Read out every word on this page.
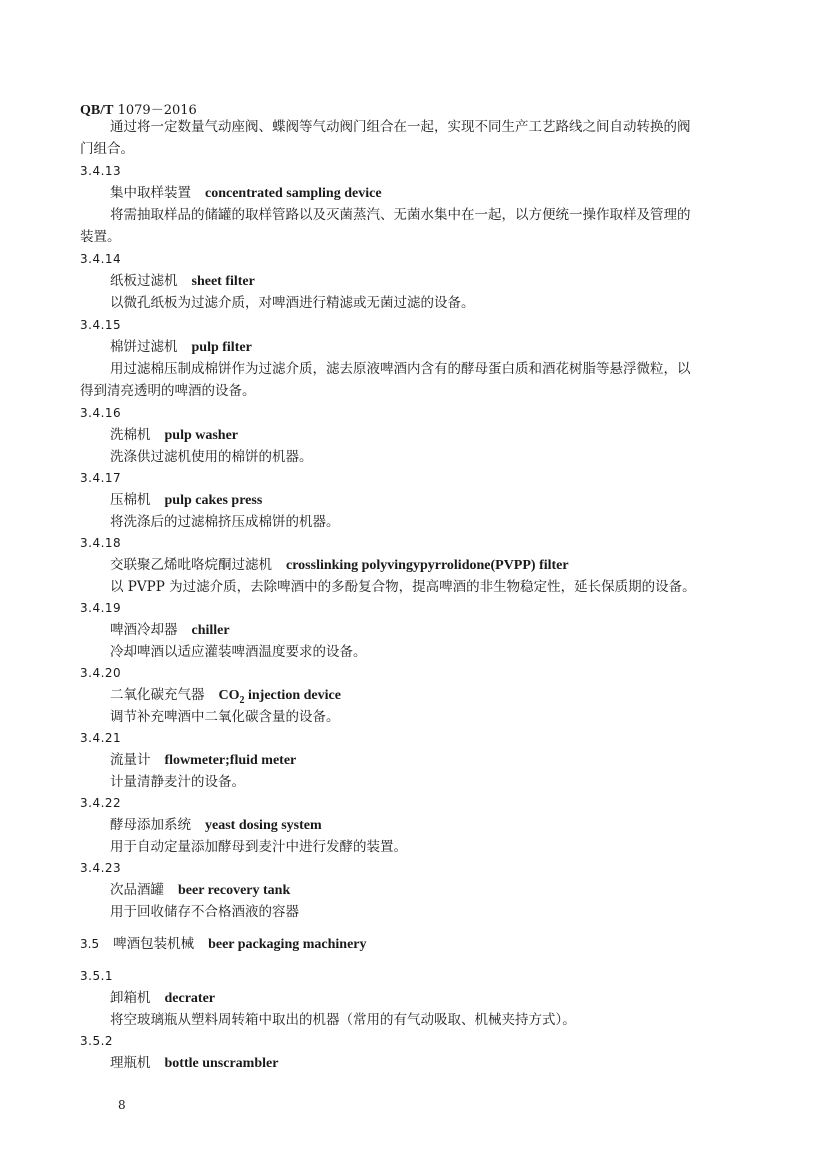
QB/T 1079－2016
通过将一定数量气动座阀、蝶阀等气动阀门组合在一起，实现不同生产工艺路线之间自动转换的阀
门组合。
3.4.13
集中取样装置 concentrated sampling device
将需抽取样品的储罐的取样管路以及灭菌蒸汽、无菌水集中在一起，以方便统一操作取样及管理的
装置。
3.4.14
纸板过滤机 sheet filter
以微孔纸板为过滤介质，对啤酒进行精滤或无菌过滤的设备。
3.4.15
棉饼过滤机 pulp filter
用过滤棉压制成棉饼作为过滤介质，滤去原液啤酒内含有的酵母蛋白质和酒花树脂等悬浮微粒，以
得到清亮透明的啤酒的设备。
3.4.16
洗棉机 pulp washer
洗涤供过滤机使用的棉饼的机器。
3.4.17
压棉机 pulp cakes press
将洗涤后的过滤棉挤压成棉饼的机器。
3.4.18
交联聚乙烯吡咯烷酮过滤机 crosslinking polyvingypyrrolidone(PVPP) filter
以 PVPP 为过滤介质，去除啤酒中的多酚复合物，提高啤酒的非生物稳定性，延长保质期的设备。
3.4.19
啤酒冷却器 chiller
冷却啤酒以适应灌装啤酒温度要求的设备。
3.4.20
二氧化碳充气器 $CO_2$ injection device
调节补充啤酒中二氧化碳含量的设备。
3.4.21
流量计 flowmeter;fluid meter
计量清静麦汁的设备。
3.4.22
酵母添加系统 yeast dosing system
用于自动定量添加酵母到麦汁中进行发酵的装置。
3.4.23
次品酒罐 beer recovery tank
用于回收储存不合格酒液的容器
3.5 啤酒包装机械 beer packaging machinery
3.5.1
卸箱机 decrater
将空玻璃瓶从塑料周转箱中取出的机器（常用的有气动吸取、机械夹持方式）。
3.5.2
理瓶机 bottle unscrambler
8
